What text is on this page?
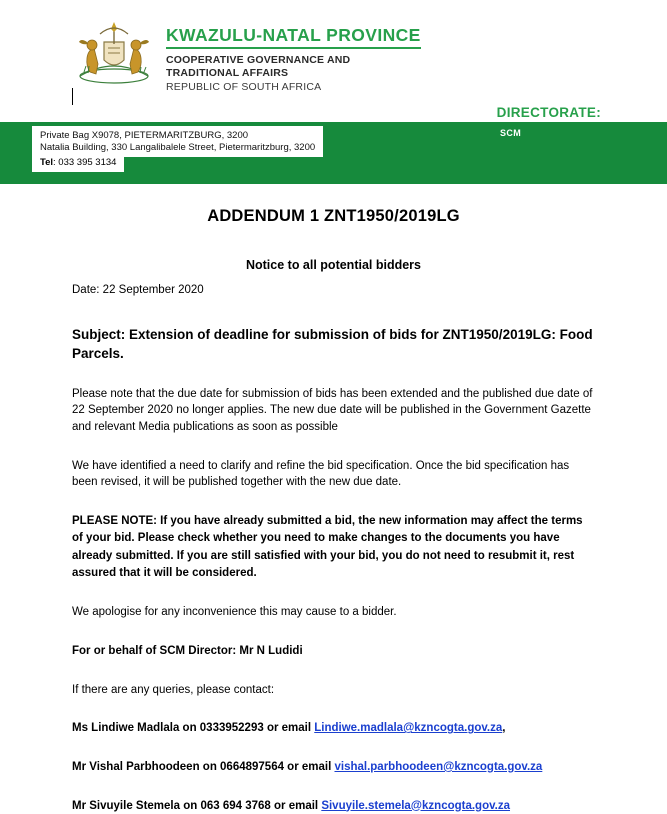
KWAZULU-NATAL PROVINCE
COOPERATIVE GOVERNANCE AND
TRADITIONAL AFFAIRS
REPUBLIC OF SOUTH AFRICA
DIRECTORATE:
SCM
Private Bag X9078, PIETERMARITZBURG, 3200
Natalia Building, 330 Langalibalele Street, Pietermaritzburg, 3200
Tel: 033 395 3134
ADDENDUM 1 ZNT1950/2019LG
Notice to all potential bidders
Date: 22 September 2020
Subject: Extension of deadline for submission of bids for ZNT1950/2019LG: Food Parcels.

Please note that the due date for submission of bids has been extended and the published due date of 22 September 2020 no longer applies. The new due date will be published in the Government Gazette and relevant Media publications as soon as possible

We have identified a need to clarify and refine the bid specification. Once the bid specification has been revised, it will be published together with the new due date.

PLEASE NOTE: If you have already submitted a bid, the new information may affect the terms of your bid. Please check whether you need to make changes to the documents you have already submitted. If you are still satisfied with your bid, you do not need to resubmit it, rest assured that it will be considered.

We apologise for any inconvenience this may cause to a bidder.

For or behalf of SCM Director: Mr N Ludidi

If there are any queries, please contact:

Ms Lindiwe Madlala on 0333952293 or email Lindiwe.madlala@kzncogta.gov.za,

Mr Vishal Parbhoodeen on 0664897564 or email vishal.parbhoodeen@kzncogta.gov.za

Mr Sivuyile Stemela on 063 694 3768 or email Sivuyile.stemela@kzncogta.gov.za
